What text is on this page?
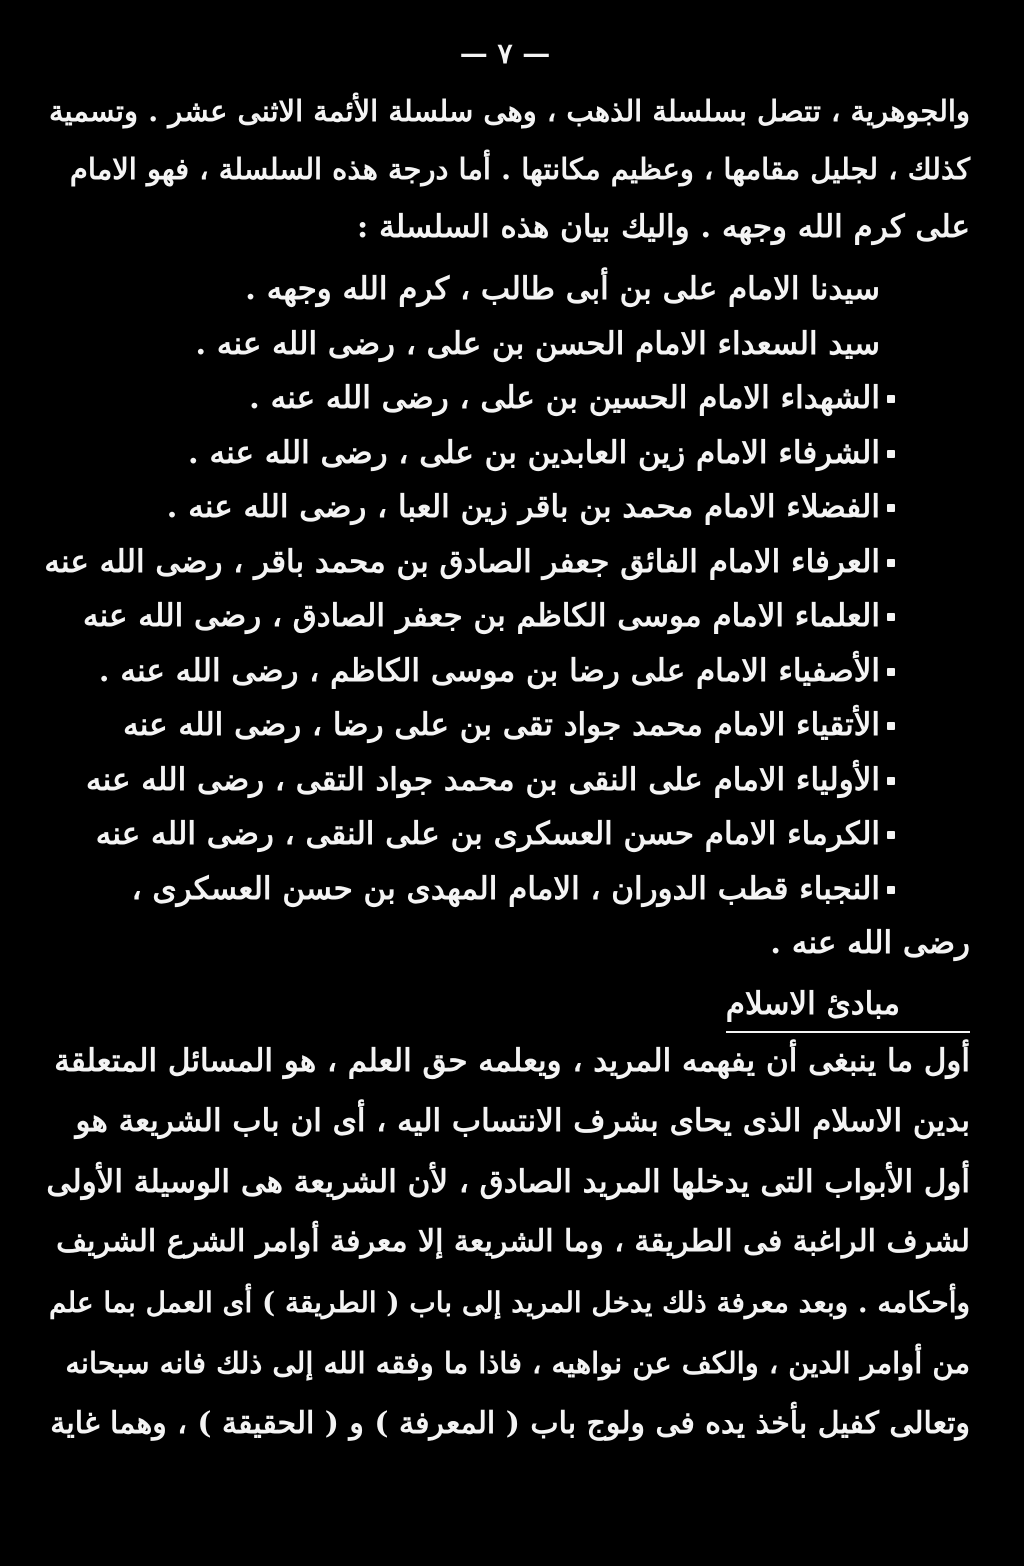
— ٧ —

والجوهرية ، تتصل بسلسلة الذهب ، وهى سلسلة الأئمة الاثنى عشر . وتسمية

كذلك ، لجليل مقامها ، وعظيم مكانتها . أما درجة هذه السلسلة ، فهو الامام

على كرم الله وجهه . واليك بيان هذه السلسلة :

سيدنا الامام على بن أبى طالب ، كرم الله وجهه .
سيد السعداء الامام الحسن بن على ، رضى الله عنه .
الشهداء الامام الحسين بن على ، رضى الله عنه .
الشرفاء الامام زين العابدين بن على ، رضى الله عنه .
الفضلاء الامام محمد بن باقر زين العبا ، رضى الله عنه .
العرفاء الامام الفائق جعفر الصادق بن محمد باقر ، رضى الله عنه
العلماء الامام موسى الكاظم بن جعفر الصادق ، رضى الله عنه
الأصفياء الامام على رضا بن موسى الكاظم ، رضى الله عنه .
الأتقياء الامام محمد جواد تقى بن على رضا ، رضى الله عنه
الأولياء الامام على النقى بن محمد جواد التقى ، رضى الله عنه
الكرماء الامام حسن العسكرى بن على النقى ، رضى الله عنه
النجباء قطب الدوران ، الامام المهدى بن حسن العسكرى ،
رضى الله عنه .
مبادئ الاسلام

أول ما ينبغى أن يفهمه المريد ، ويعلمه حق العلم ، هو المسائل المتعلقة

بدين الاسلام الذى يحاى بشرف الانتساب اليه ، أى ان باب الشريعة هو

أول الأبواب التى يدخلها المريد الصادق ، لأن الشريعة هى الوسيلة الأولى

لشرف الراغبة فى الطريقة ، وما الشريعة إلا معرفة أوامر الشرع الشريف

وأحكامه . وبعد معرفة ذلك يدخل المريد إلى باب ( الطريقة ) أى العمل بما علم

من أوامر الدين ، والكف عن نواهيه ، فاذا ما وفقه الله إلى ذلك فانه سبحانه

وتعالى كفيل بأخذ يده فى ولوج باب ( المعرفة ) و ( الحقيقة ) ، وهما غاية
